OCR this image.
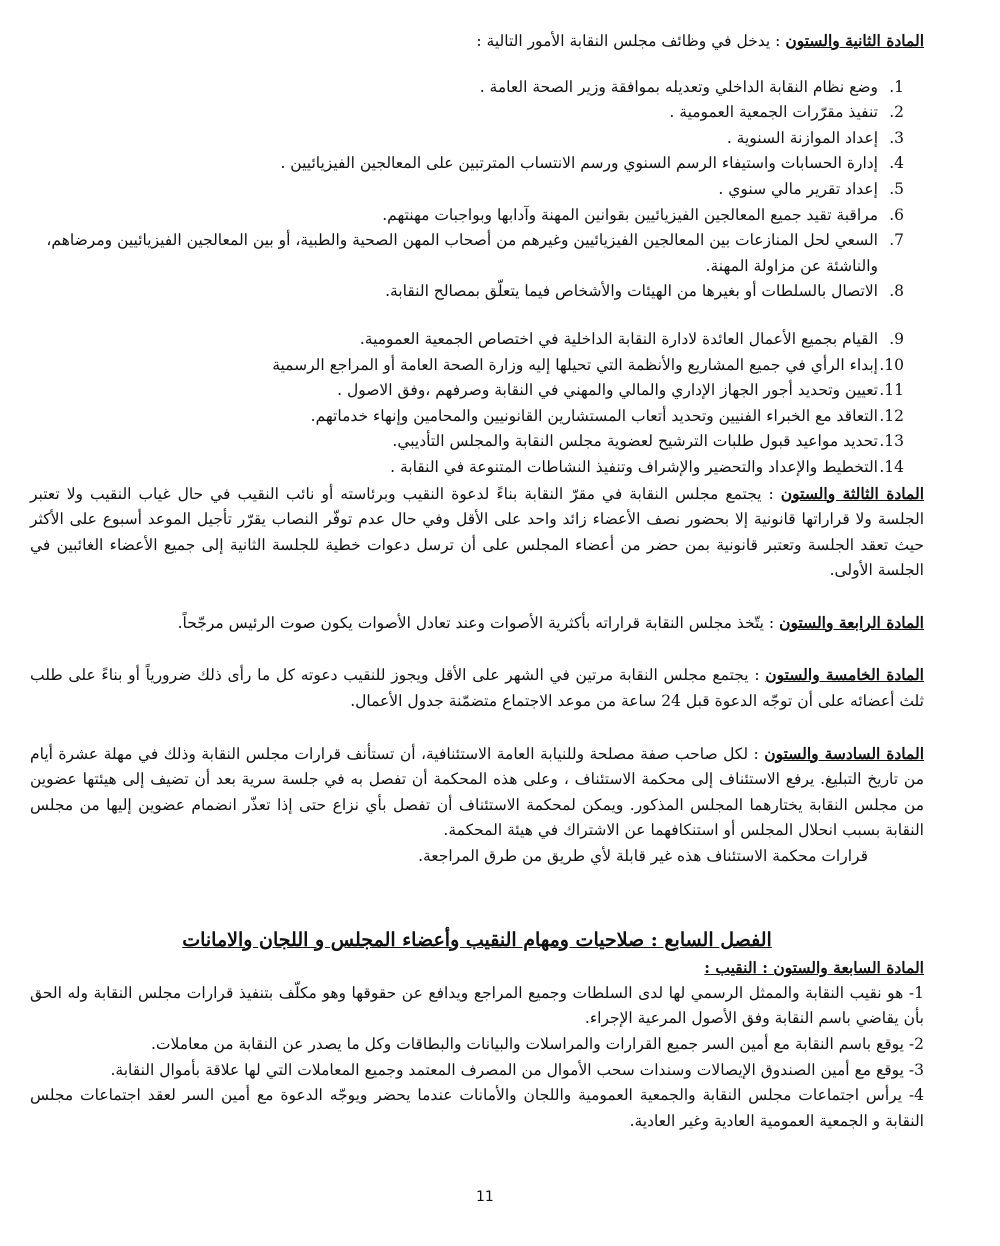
المادة الثانية والستون : يدخل في وظائف مجلس النقابة الأمور التالية :

1.
وضع نظام النقابة الداخلي وتعديله بموافقة وزير الصحة العامة .
2.
تنفيذ مقرّرات الجمعية العمومية .
3.
إعداد الموازنة السنوية .
4.
إدارة الحسابات واستيفاء الرسم السنوي ورسم الانتساب المترتبين على المعالجين الفيزيائيين .
5.
إعداد تقرير مالي سنوي .
6.
مراقبة تقيد جميع المعالجين الفيزيائيين بقوانين المهنة وآدابها وبواجبات مهنتهم.
7.
السعي لحل المنازعات بين المعالجين الفيزيائيين وغيرهم من أصحاب المهن الصحية والطبية، أو بين المعالجين الفيزيائيين ومرضاهم، والناشئة عن مزاولة المهنة.
8.
الاتصال بالسلطات أو بغيرها من الهيئات والأشخاص فيما يتعلّق بمصالح النقابة.
9.
القيام بجميع الأعمال العائدة لادارة النقابة الداخلية في اختصاص الجمعية العمومية.
10.
إبداء الرأي في جميع المشاريع والأنظمة التي تحيلها إليه وزارة الصحة العامة أو المراجع الرسمية
11.
تعيين وتحديد أجور الجهاز الإداري والمالي والمهني في النقابة وصرفهم ،وفق الاصول .
12.
التعاقد مع الخبراء الفنيين وتحديد أتعاب المستشارين القانونيين والمحامين وإنهاء خدماتهم.
13.
تحديد مواعيد قبول طلبات الترشيح لعضوية مجلس النقابة والمجلس التأديبي.
14.
التخطيط والإعداد والتحضير والإشراف وتنفيذ النشاطات المتنوعة في النقابة .

المادة الثالثة والستون : يجتمع مجلس النقابة في مقرّ النقابة بناءً لدعوة النقيب وبرئاسته أو نائب النقيب في حال غياب النقيب ولا تعتبر الجلسة ولا قراراتها قانونية إلا بحضور نصف الأعضاء زائد واحد على الأقل وفي حال عدم توفّر النصاب يقرّر تأجيل الموعد أسبوع على الأكثر حيث تعقد الجلسة وتعتبر قانونية بمن حضر من أعضاء المجلس على أن ترسل دعوات خطية للجلسة الثانية إلى جميع الأعضاء الغائبين في الجلسة الأولى.

المادة الرابعة والستون : يتّخذ مجلس النقابة قراراته بأكثرية الأصوات وعند تعادل الأصوات يكون صوت الرئيس مرجّحاً.

المادة الخامسة والستون : يجتمع مجلس النقابة مرتين في الشهر على الأقل ويجوز للنقيب دعوته كل ما رأى ذلك ضرورياً أو بناءً على طلب ثلث أعضائه على أن توجّه الدعوة قبل 24 ساعة من موعد الاجتماع متضمّنة جدول الأعمال.

المادة السادسة والستون : لكل صاحب صفة مصلحة وللنيابة العامة الاستئنافية، أن تستأنف قرارات مجلس النقابة وذلك في مهلة عشرة أيام من تاريخ التبليغ. يرفع الاستئناف إلى محكمة الاستئناف ، وعلى هذه المحكمة أن تفصل به في جلسة سرية بعد أن تضيف إلى هيئتها عضوين من مجلس النقابة يختارهما المجلس المذكور. ويمكن لمحكمة الاستئناف أن تفصل بأي نزاع حتى إذا تعذّر انضمام عضوين إليها من مجلس النقابة بسبب انحلال المجلس أو استنكافهما عن الاشتراك في هيئة المحكمة.

قرارات محكمة الاستئناف هذه غير قابلة لأي طريق من طرق المراجعة.

الفصل السابع : صلاحيات ومهام النقيب وأعضاء المجلس و اللجان والامانات

المادة السابعة والستون : النقيب :

1- هو نقيب النقابة والممثل الرسمي لها لدى السلطات وجميع المراجع ويدافع عن حقوقها وهو مكلّف بتنفيذ قرارات مجلس النقابة وله الحق بأن يقاضي باسم النقابة وفق الأصول المرعية الإجراء.

2- يوقع باسم النقابة مع أمين السر جميع القرارات والمراسلات والبيانات والبطاقات وكل ما يصدر عن النقابة من معاملات.

3- يوقع مع أمين الصندوق الإيصالات وسندات سحب الأموال من المصرف المعتمد وجميع المعاملات التي لها علاقة بأموال النقابة.

4- يرأس اجتماعات مجلس النقابة والجمعية العمومية واللجان والأمانات عندما يحضر ويوجّه الدعوة مع أمين السر لعقد اجتماعات مجلس النقابة و الجمعية العمومية العادية وغير العادية.

11
